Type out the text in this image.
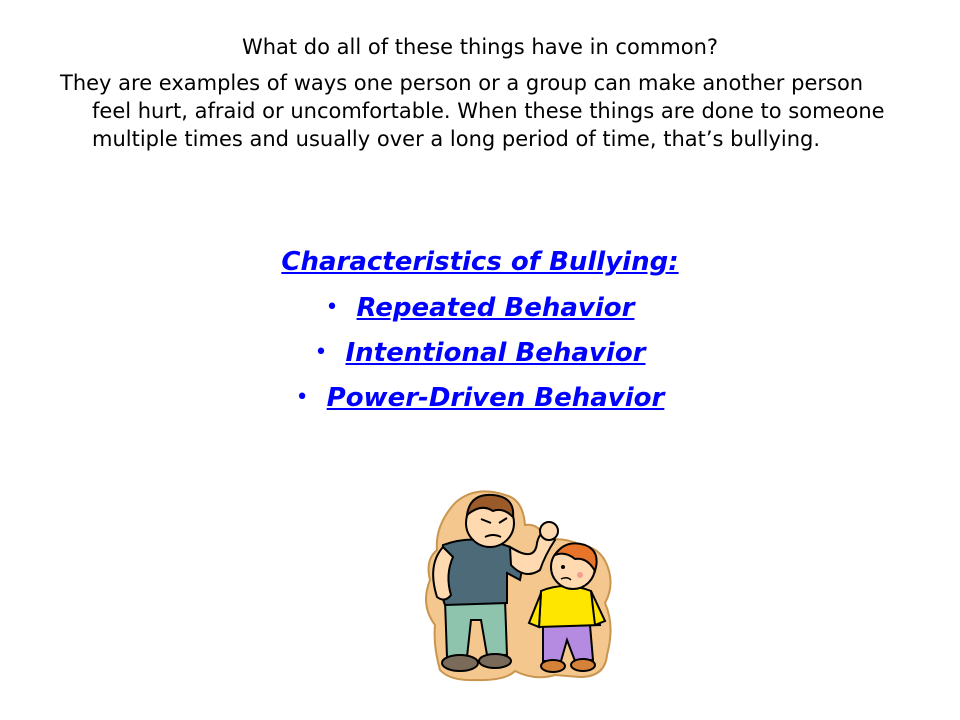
What do all of these things have in common?
They are examples of ways one person or a group can make another person feel hurt, afraid or uncomfortable. When these things are done to someone multiple times and usually over a long period of time, that’s bullying.
Characteristics of Bullying:
• Repeated Behavior
• Intentional Behavior
• Power-Driven Behavior
